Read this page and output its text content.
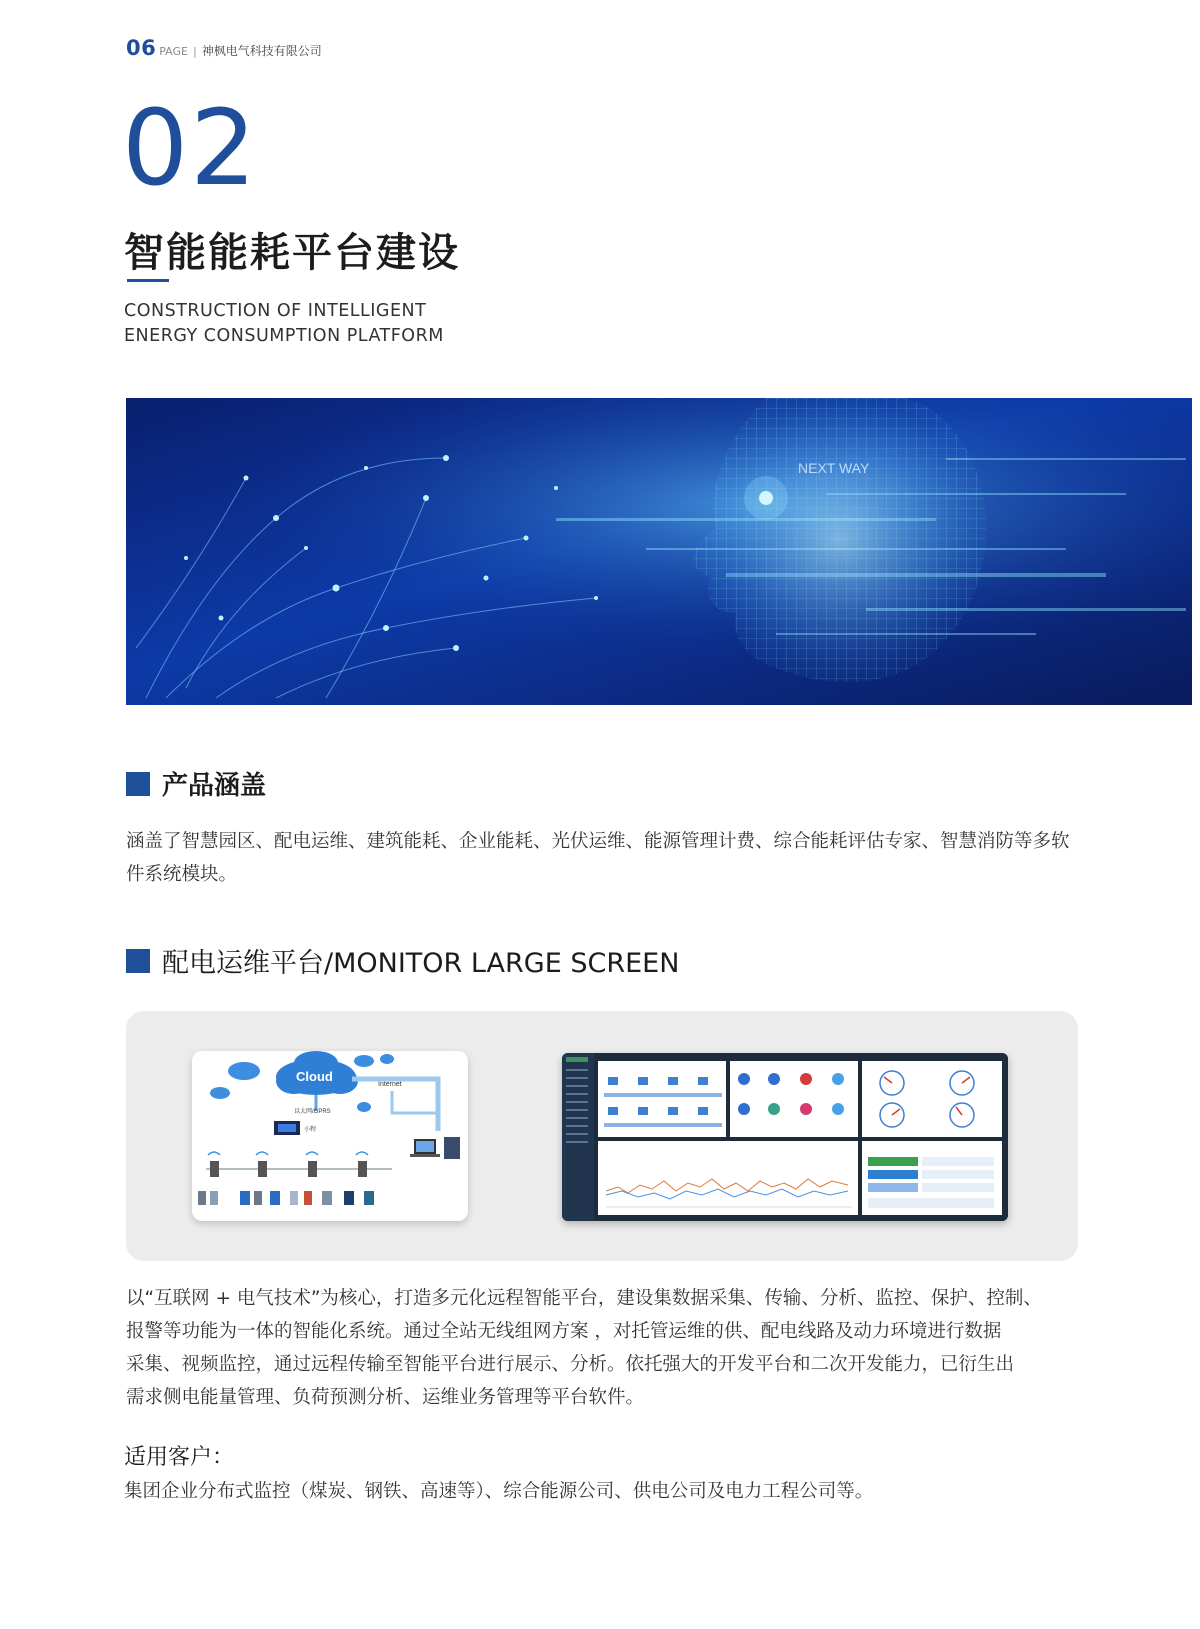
06 PAGE | 神枫电气科技有限公司
02
智能能耗平台建设
CONSTRUCTION OF INTELLIGENT
ENERGY CONSUMPTION PLATFORM
NEXT WAY
产品涵盖
涵盖了智慧园区、配电运维、建筑能耗、企业能耗、光伏运维、能源管理计费、综合能耗评估专家、智慧消防等多软件系统模块。
配电运维平台/MONITOR LARGE SCREEN
Cloud
Internet
以太网/GPRS
小程
以“互联网 + 电气技术”为核心，打造多元化远程智能平台，建设集数据采集、传输、分析、监控、保护、控制、
报警等功能为一体的智能化系统。通过全站无线组网方案 ，对托管运维的供、配电线路及动力环境进行数据
采集、视频监控，通过远程传输至智能平台进行展示、分析。依托强大的开发平台和二次开发能力，已衍生出
需求侧电能量管理、负荷预测分析、运维业务管理等平台软件。
适用客户：
集团企业分布式监控（煤炭、钢铁、高速等）、综合能源公司、供电公司及电力工程公司等。
